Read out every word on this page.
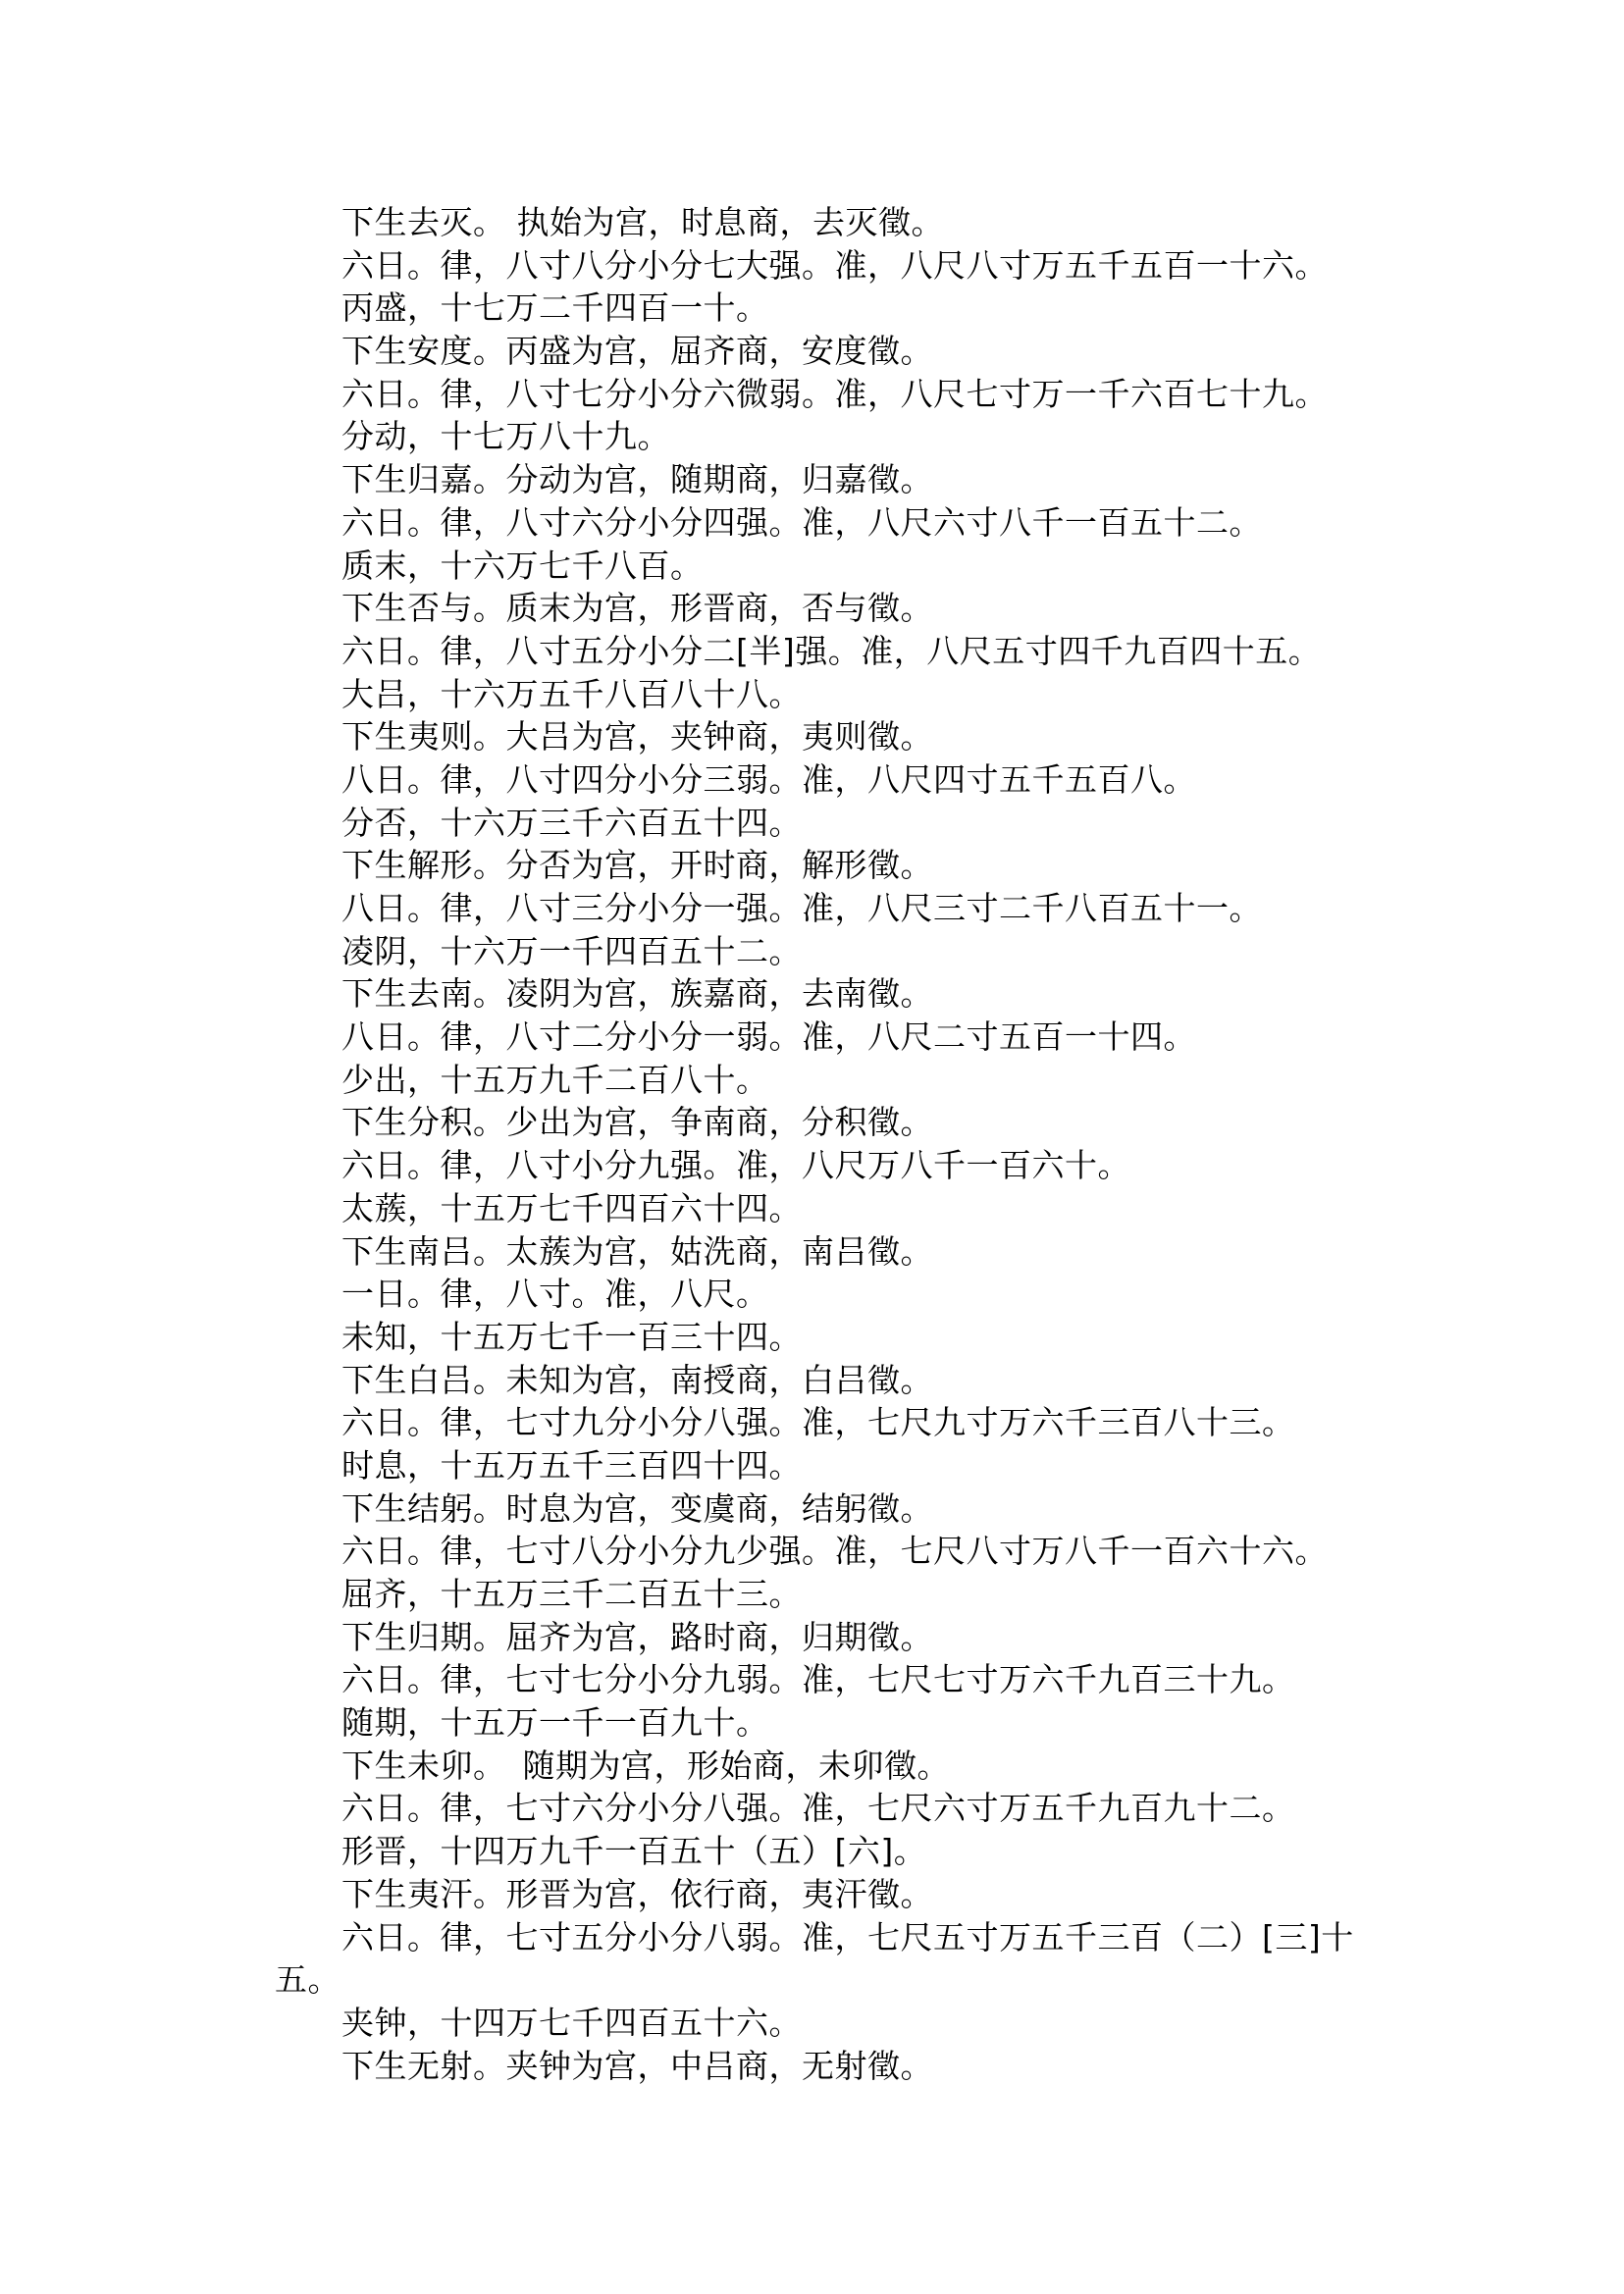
下生去灭。 执始为宫，时息商，去灭徵。
六日。律，八寸八分小分七大强。准，八尺八寸万五千五百一十六。
丙盛，十七万二千四百一十。
下生安度。丙盛为宫，屈齐商，安度徵。
六日。律，八寸七分小分六微弱。准，八尺七寸万一千六百七十九。
分动，十七万八十九。
下生归嘉。分动为宫，随期商，归嘉徵。
六日。律，八寸六分小分四强。准，八尺六寸八千一百五十二。
质末，十六万七千八百。
下生否与。质末为宫，形晋商，否与徵。
六日。律，八寸五分小分二[半]强。准，八尺五寸四千九百四十五。
大吕，十六万五千八百八十八。
下生夷则。大吕为宫，夹钟商，夷则徵。
八日。律，八寸四分小分三弱。准，八尺四寸五千五百八。
分否，十六万三千六百五十四。
下生解形。分否为宫，开时商，解形徵。
八日。律，八寸三分小分一强。准，八尺三寸二千八百五十一。
凌阴，十六万一千四百五十二。
下生去南。凌阴为宫，族嘉商，去南徵。
八日。律，八寸二分小分一弱。准，八尺二寸五百一十四。
少出，十五万九千二百八十。
下生分积。少出为宫，争南商，分积徵。
六日。律，八寸小分九强。准，八尺万八千一百六十。
太蔟，十五万七千四百六十四。
下生南吕。太蔟为宫，姑洗商，南吕徵。
一日。律，八寸。准，八尺。
未知，十五万七千一百三十四。
下生白吕。未知为宫，南授商，白吕徵。
六日。律，七寸九分小分八强。准，七尺九寸万六千三百八十三。
时息，十五万五千三百四十四。
下生结躬。时息为宫，变虞商，结躬徵。
六日。律，七寸八分小分九少强。准，七尺八寸万八千一百六十六。
屈齐，十五万三千二百五十三。
下生归期。屈齐为宫，路时商，归期徵。
六日。律，七寸七分小分九弱。准，七尺七寸万六千九百三十九。
随期，十五万一千一百九十。
下生未卯。　随期为宫，形始商，未卯徵。
六日。律，七寸六分小分八强。准，七尺六寸万五千九百九十二。
形晋，十四万九千一百五十（五）[六]。
下生夷汗。形晋为宫，依行商，夷汗徵。
六日。律，七寸五分小分八弱。准，七尺五寸万五千三百（二）[三]十
五。
夹钟，十四万七千四百五十六。
下生无射。夹钟为宫，中吕商，无射徵。
